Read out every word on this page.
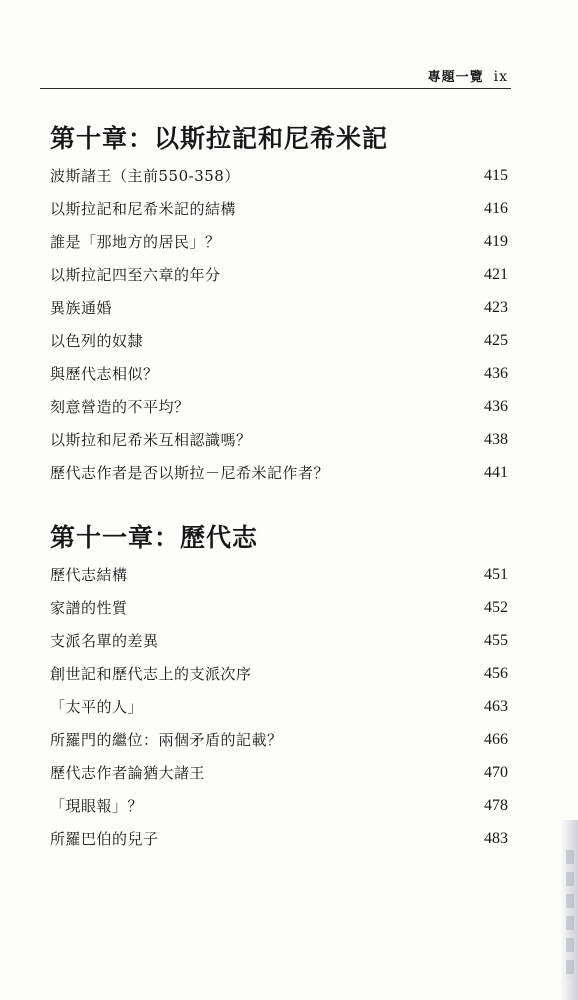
專題一覽 ix
第十章：以斯拉記和尼希米記
波斯諸王（主前550-358）	415
以斯拉記和尼希米記的結構	416
誰是「那地方的居民」？	419
以斯拉記四至六章的年分	421
異族通婚	423
以色列的奴隸	425
與歷代志相似？	436
刻意營造的不平均？	436
以斯拉和尼希米互相認識嗎？	438
歷代志作者是否以斯拉－尼希米記作者？	441
第十一章：歷代志
歷代志結構	451
家譜的性質	452
支派名單的差異	455
創世記和歷代志上的支派次序	456
「太平的人」	463
所羅門的繼位：兩個矛盾的記載？	466
歷代志作者論猶大諸王	470
「現眼報」？	478
所羅巴伯的兒子	483
